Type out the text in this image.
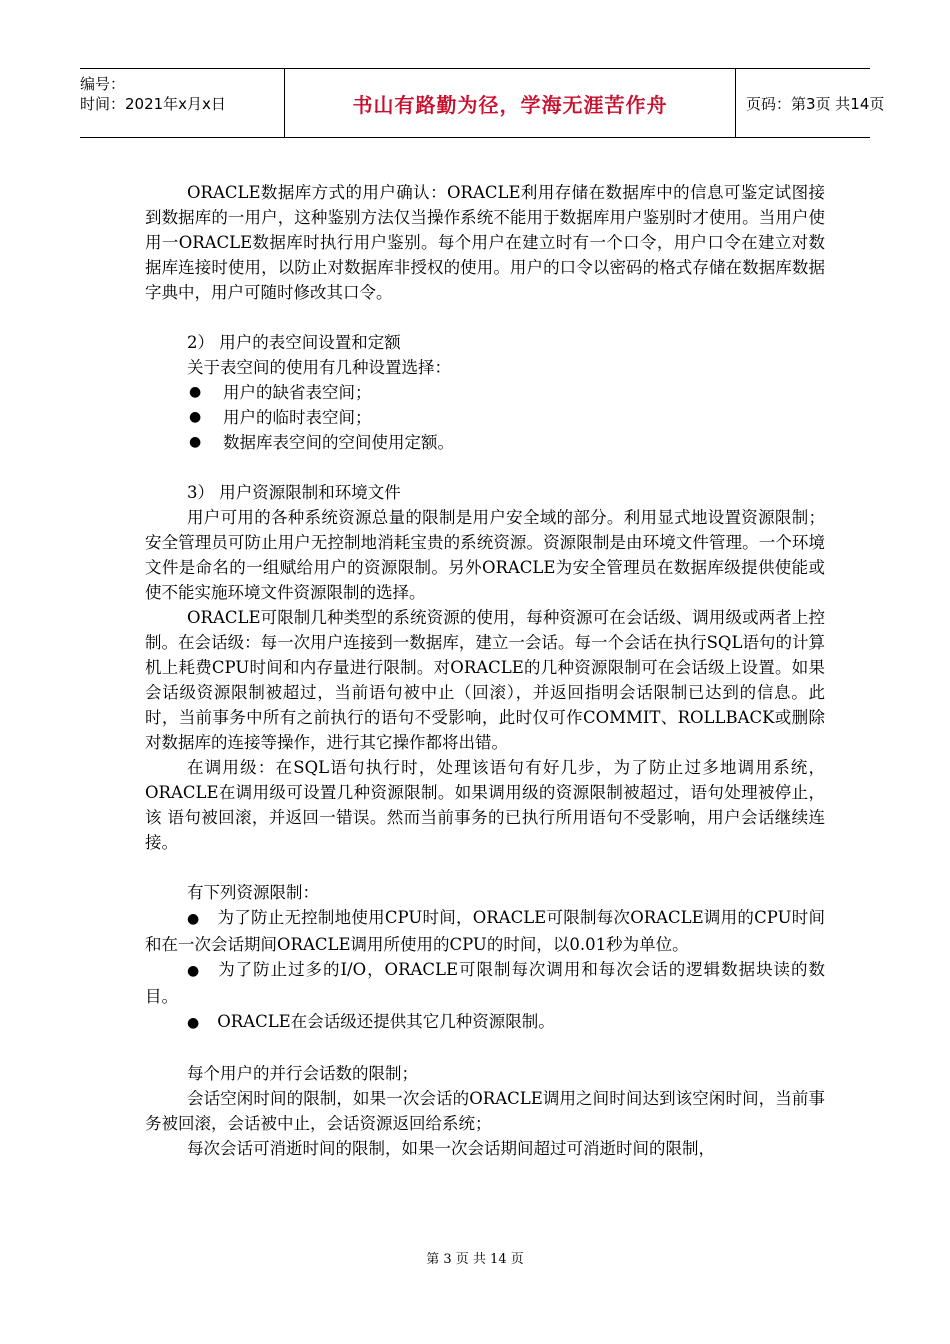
编号：
时间：2021年x月x日	书山有路勤为径，学海无涯苦作舟	页码：第3页 共14页

ORACLE数据库方式的用户确认：ORACLE利用存储在数据库中的信息可鉴定试图接到数据库的一用户，这种鉴别方法仅当操作系统不能用于数据库用户鉴别时才使用。当用户使用一ORACLE数据库时执行用户鉴别。每个用户在建立时有一个口令，用户口令在建立对数据库连接时使用，以防止对数据库非授权的使用。用户的口令以密码的格式存储在数据库数据字典中，用户可随时修改其口令。

2） 用户的表空间设置和定额

关于表空间的使用有几种设置选择：

● 用户的缺省表空间；

● 用户的临时表空间；

● 数据库表空间的空间使用定额。

3） 用户资源限制和环境文件

用户可用的各种系统资源总量的限制是用户安全域的部分。利用显式地设置资源限制；安全管理员可防止用户无控制地消耗宝贵的系统资源。资源限制是由环境文件管理。一个环境文件是命名的一组赋给用户的资源限制。另外ORACLE为安全管理员在数据库级提供使能或使不能实施环境文件资源限制的选择。

ORACLE可限制几种类型的系统资源的使用，每种资源可在会话级、调用级或两者上控制。在会话级：每一次用户连接到一数据库，建立一会话。每一个会话在执行SQL语句的计算机上耗费CPU时间和内存量进行限制。对ORACLE的几种资源限制可在会话级上设置。如果会话级资源限制被超过，当前语句被中止（回滚），并返回指明会话限制已达到的信息。此时，当前事务中所有之前执行的语句不受影响，此时仅可作COMMIT、ROLLBACK或删除对数据库的连接等操作，进行其它操作都将出错。

在调用级：在SQL语句执行时，处理该语句有好几步，为了防止过多地调用系统，ORACLE在调用级可设置几种资源限制。如果调用级的资源限制被超过，语句处理被停止，该 语句被回滚，并返回一错误。然而当前事务的已执行所用语句不受影响，用户会话继续连接。

有下列资源限制：

● 为了防止无控制地使用CPU时间，ORACLE可限制每次ORACLE调用的CPU时间和在一次会话期间ORACLE调用所使用的CPU的时间，以0.01秒为单位。

● 为了防止过多的I/O，ORACLE可限制每次调用和每次会话的逻辑数据块读的数目。

● ORACLE在会话级还提供其它几种资源限制。

每个用户的并行会话数的限制；

会话空闲时间的限制，如果一次会话的ORACLE调用之间时间达到该空闲时间，当前事务被回滚，会话被中止，会话资源返回给系统；

每次会话可消逝时间的限制，如果一次会话期间超过可消逝时间的限制，

第 3 页 共 14 页
